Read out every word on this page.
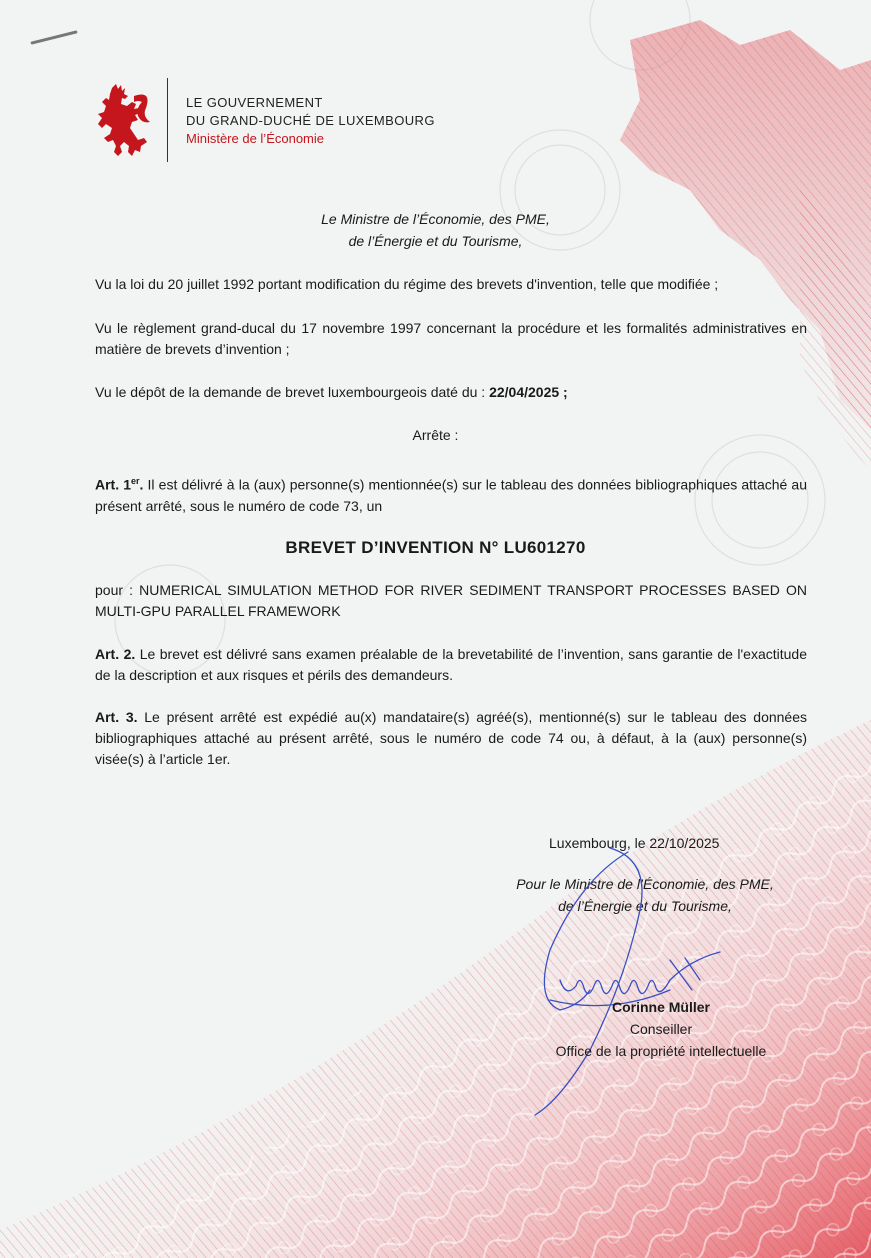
LE GOUVERNEMENT
DU GRAND-DUCHÉ DE LUXEMBOURG
Ministère de l’Économie
Le Ministre de l’Économie, des PME,
de l’Énergie et du Tourisme,
Vu la loi du 20 juillet 1992 portant modification du régime des brevets d'invention, telle que modifiée ;
Vu le règlement grand-ducal du 17 novembre 1997 concernant la procédure et les formalités administratives en matière de brevets d’invention ;
Vu le dépôt de la demande de brevet luxembourgeois daté du : 22/04/2025 ;
Arrête :
Art. 1er. Il est délivré à la (aux) personne(s) mentionnée(s) sur le tableau des données bibliographiques attaché au présent arrêté, sous le numéro de code 73, un
BREVET D’INVENTION N° LU601270
pour : NUMERICAL SIMULATION METHOD FOR RIVER SEDIMENT TRANSPORT PROCESSES BASED ON MULTI-GPU PARALLEL FRAMEWORK
Art. 2. Le brevet est délivré sans examen préalable de la brevetabilité de l’invention, sans garantie de l'exactitude de la description et aux risques et périls des demandeurs.
Art. 3. Le présent arrêté est expédié au(x) mandataire(s) agréé(s), mentionné(s) sur le tableau des données bibliographiques attaché au présent arrêté, sous le numéro de code 74 ou, à défaut, à la (aux) personne(s) visée(s) à l’article 1er.
Luxembourg, le 22/10/2025
Pour le Ministre de l’Économie, des PME,
de l’Énergie et du Tourisme,
Corinne Müller
Conseiller
Office de la propriété intellectuelle
